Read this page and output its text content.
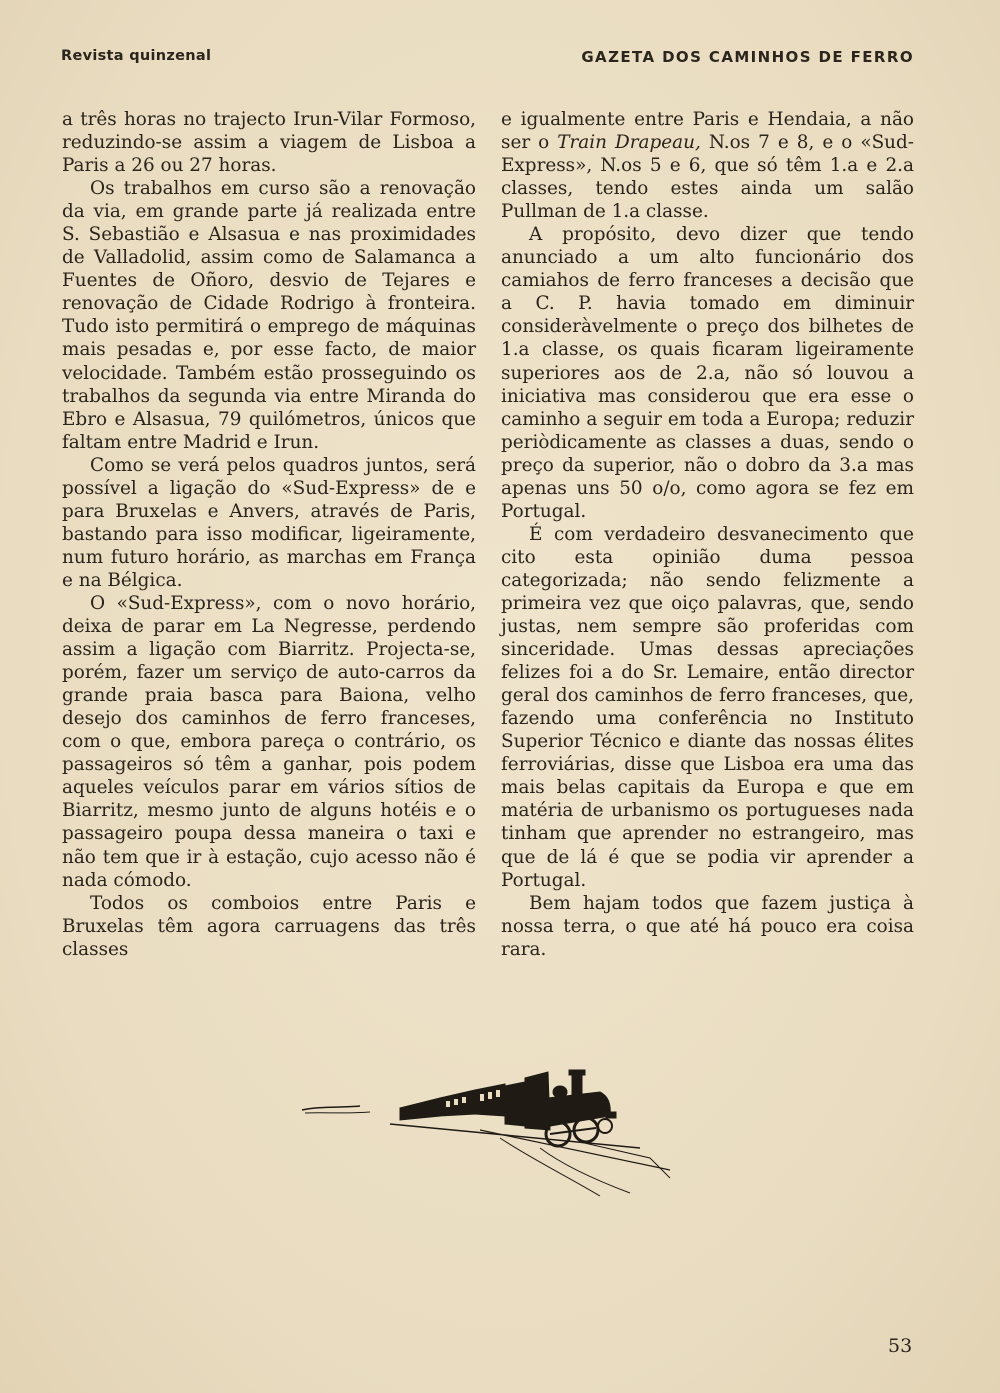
Revista quinzenal	GAZETA DOS CAMINHOS DE FERRO

a três horas no trajecto Irun-Vilar Formoso, reduzindo-se assim a viagem de Lisboa a Paris a 26 ou 27 horas.

Os trabalhos em curso são a renovação da via, em grande parte já realizada entre S. Sebastião e Alsasua e nas proximidades de Valladolid, assim como de Salamanca a Fuentes de Oñoro, desvio de Tejares e renovação de Cidade Rodrigo à fronteira. Tudo isto permitirá o emprego de máquinas mais pesadas e, por esse facto, de maior velocidade. Também estão prosseguindo os trabalhos da segunda via entre Miranda do Ebro e Alsasua, 79 quilómetros, únicos que faltam entre Madrid e Irun.

Como se verá pelos quadros juntos, será possível a ligação do «Sud-Express» de e para Bruxelas e Anvers, através de Paris, bastando para isso modificar, ligeiramente, num futuro horário, as marchas em França e na Bélgica.

O «Sud-Express», com o novo horário, deixa de parar em La Negresse, perdendo assim a ligação com Biarritz. Projecta-se, porém, fazer um serviço de auto-carros da grande praia basca para Baiona, velho desejo dos caminhos de ferro franceses, com o que, embora pareça o contrário, os passageiros só têm a ganhar, pois podem aqueles veículos parar em vários sítios de Biarritz, mesmo junto de alguns hotéis e o passageiro poupa dessa maneira o taxi e não tem que ir à estação, cujo acesso não é nada cómodo.

Todos os comboios entre Paris e Bruxelas têm agora carruagens das três classes

e igualmente entre Paris e Hendaia, a não ser o Train Drapeau, N.os 7 e 8, e o «Sud-Express», N.os 5 e 6, que só têm 1.a e 2.a classes, tendo estes ainda um salão Pullman de 1.a classe.

A propósito, devo dizer que tendo anunciado a um alto funcionário dos camiahos de ferro franceses a decisão que a C. P. havia tomado em diminuir consideràvelmente o preço dos bilhetes de 1.a classe, os quais ficaram ligeiramente superiores aos de 2.a, não só louvou a iniciativa mas considerou que era esse o caminho a seguir em toda a Europa; reduzir periòdicamente as classes a duas, sendo o preço da superior, não o dobro da 3.a mas apenas uns 50 o/o, como agora se fez em Portugal.

É com verdadeiro desvanecimento que cito esta opinião duma pessoa categorizada; não sendo felizmente a primeira vez que oiço palavras, que, sendo justas, nem sempre são proferidas com sinceridade. Umas dessas apreciações felizes foi a do Sr. Lemaire, então director geral dos caminhos de ferro franceses, que, fazendo uma conferência no Instituto Superior Técnico e diante das nossas élites ferroviárias, disse que Lisboa era uma das mais belas capitais da Europa e que em matéria de urbanismo os portugueses nada tinham que aprender no estrangeiro, mas que de lá é que se podia vir aprender a Portugal.

Bem hajam todos que fazem justiça à nossa terra, o que até há pouco era coisa rara.

53
